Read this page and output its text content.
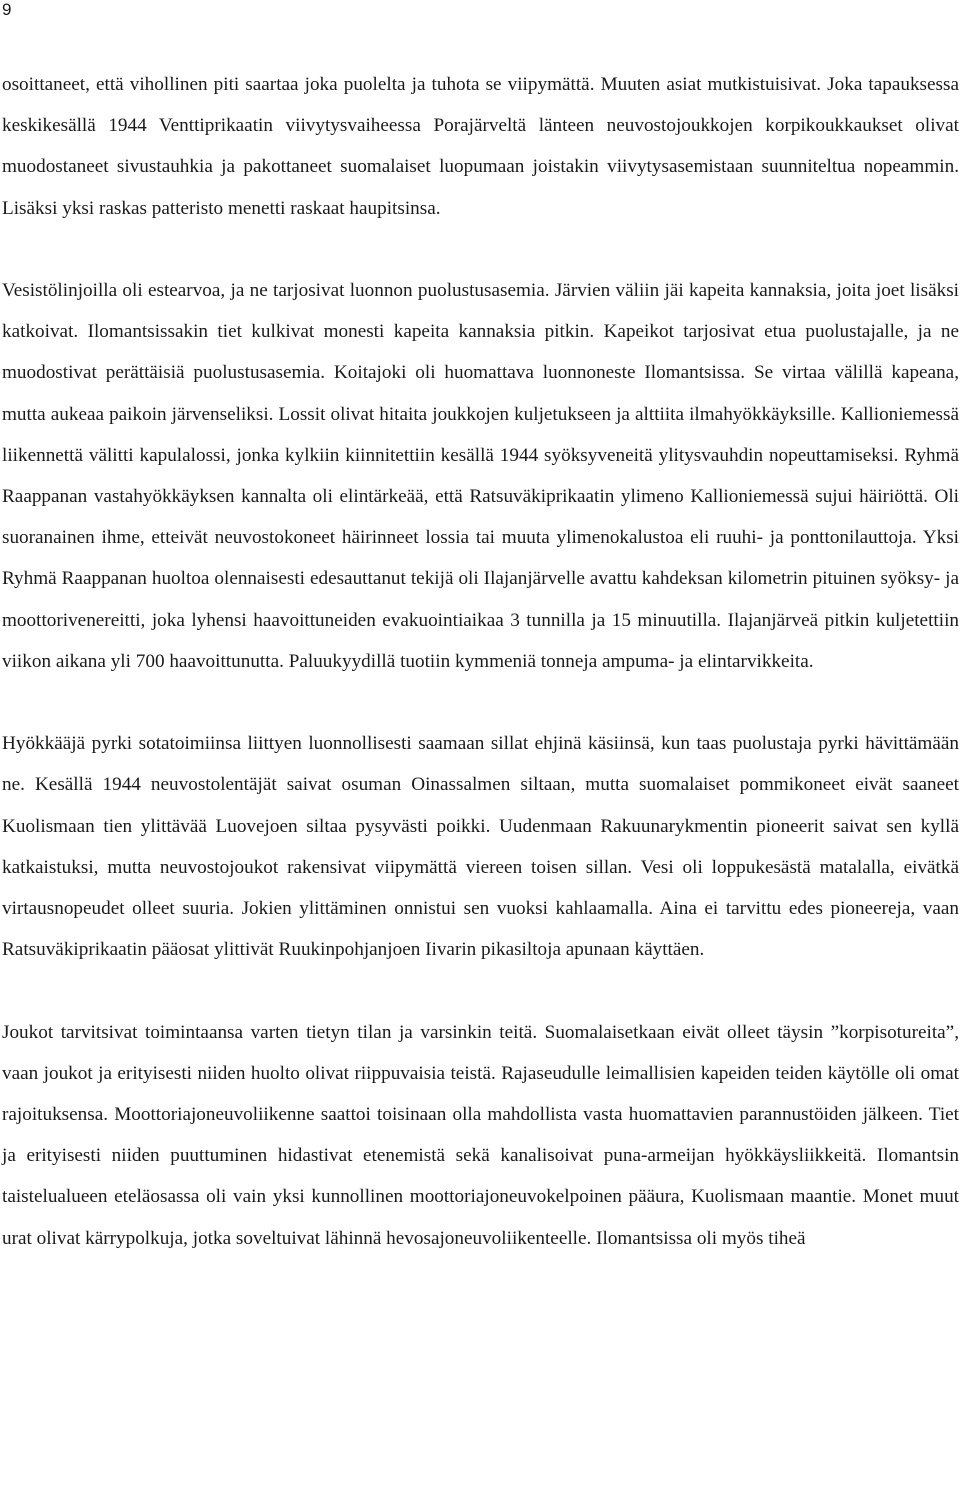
9

osoittaneet, että vihollinen piti saartaa joka puolelta ja tuhota se viipymättä. Muuten asiat mutkistuisivat. Joka tapauksessa keskikesällä 1944 Venttiprikaatin viivytysvaiheessa Porajärveltä länteen neuvostojoukkojen korpikoukkaukset olivat muodostaneet sivustauhkia ja pakottaneet suomalaiset luopumaan joistakin viivytysasemistaan suunniteltua nopeammin. Lisäksi yksi raskas patteristo menetti raskaat haupitsinsa.

Vesistölinjoilla oli estearvoa, ja ne tarjosivat luonnon puolustusasemia. Järvien väliin jäi kapeita kannaksia, joita joet lisäksi katkoivat. Ilomantsissakin tiet kulkivat monesti kapeita kannaksia pitkin. Kapeikot tarjosivat etua puolustajalle, ja ne muodostivat perättäisiä puolustusasemia. Koitajoki oli huomattava luonnoneste Ilomantsissa. Se virtaa välillä kapeana, mutta aukeaa paikoin järvenseliksi. Lossit olivat hitaita joukkojen kuljetukseen ja alttiita ilmahyökkäyksille. Kallioniemessä liikennettä välitti kapulalossi, jonka kylkiin kiinnitettiin kesällä 1944 syöksyveneitä ylitysvauhdin nopeuttamiseksi. Ryhmä Raappanan vastahyökkäyksen kannalta oli elintärkeää, että Ratsuväkiprikaatin ylimeno Kallioniemessä sujui häiriöttä. Oli suoranainen ihme, etteivät neuvostokoneet häirinneet lossia tai muuta ylimenokalustoa eli ruuhi- ja ponttonilauttoja. Yksi Ryhmä Raappanan huoltoa olennaisesti edesauttanut tekijä oli Ilajanjärvelle avattu kahdeksan kilometrin pituinen syöksy- ja moottorivenereitti, joka lyhensi haavoittuneiden evakuointiaikaa 3 tunnilla ja 15 minuutilla. Ilajanjärveä pitkin kuljetettiin viikon aikana yli 700 haavoittunutta. Paluukyydillä tuotiin kymmeniä tonneja ampuma- ja elintarvikkeita.

Hyökkääjä pyrki sotatoimiinsa liittyen luonnollisesti saamaan sillat ehjinä käsiinsä, kun taas puolustaja pyrki hävittämään ne. Kesällä 1944 neuvostolentäjät saivat osuman Oinassalmen siltaan, mutta suomalaiset pommikoneet eivät saaneet Kuolismaan tien ylittävää Luovejoen siltaa pysyvästi poikki. Uudenmaan Rakuunarykmentin pioneerit saivat sen kyllä katkaistuksi, mutta neuvostojoukot rakensivat viipymättä viereen toisen sillan. Vesi oli loppukesästä matalalla, eivätkä virtausnopeudet olleet suuria. Jokien ylittäminen onnistui sen vuoksi kahlaamalla. Aina ei tarvittu edes pioneereja, vaan Ratsuväkiprikaatin pääosat ylittivät Ruukinpohjanjoen Iivarin pikasiltoja apunaan käyttäen.

Joukot tarvitsivat toimintaansa varten tietyn tilan ja varsinkin teitä. Suomalaisetkaan eivät olleet täysin ”korpisotureita”, vaan joukot ja erityisesti niiden huolto olivat riippuvaisia teistä. Rajaseudulle leimallisien kapeiden teiden käytölle oli omat rajoituksensa. Moottoriajoneuvoliikenne saattoi toisinaan olla mahdollista vasta huomattavien parannustöiden jälkeen. Tiet ja erityisesti niiden puuttuminen hidastivat etenemistä sekä kanalisoivat puna-armeijan hyökkäysliikkeitä. Ilomantsin taistelualueen eteläosassa oli vain yksi kunnollinen moottoriajoneuvokelpoinen pääura, Kuolismaan maantie. Monet muut urat olivat kärrypolkuja, jotka soveltuivat lähinnä hevosajoneuvoliikenteelle. Ilomantsissa oli myös tiheä
